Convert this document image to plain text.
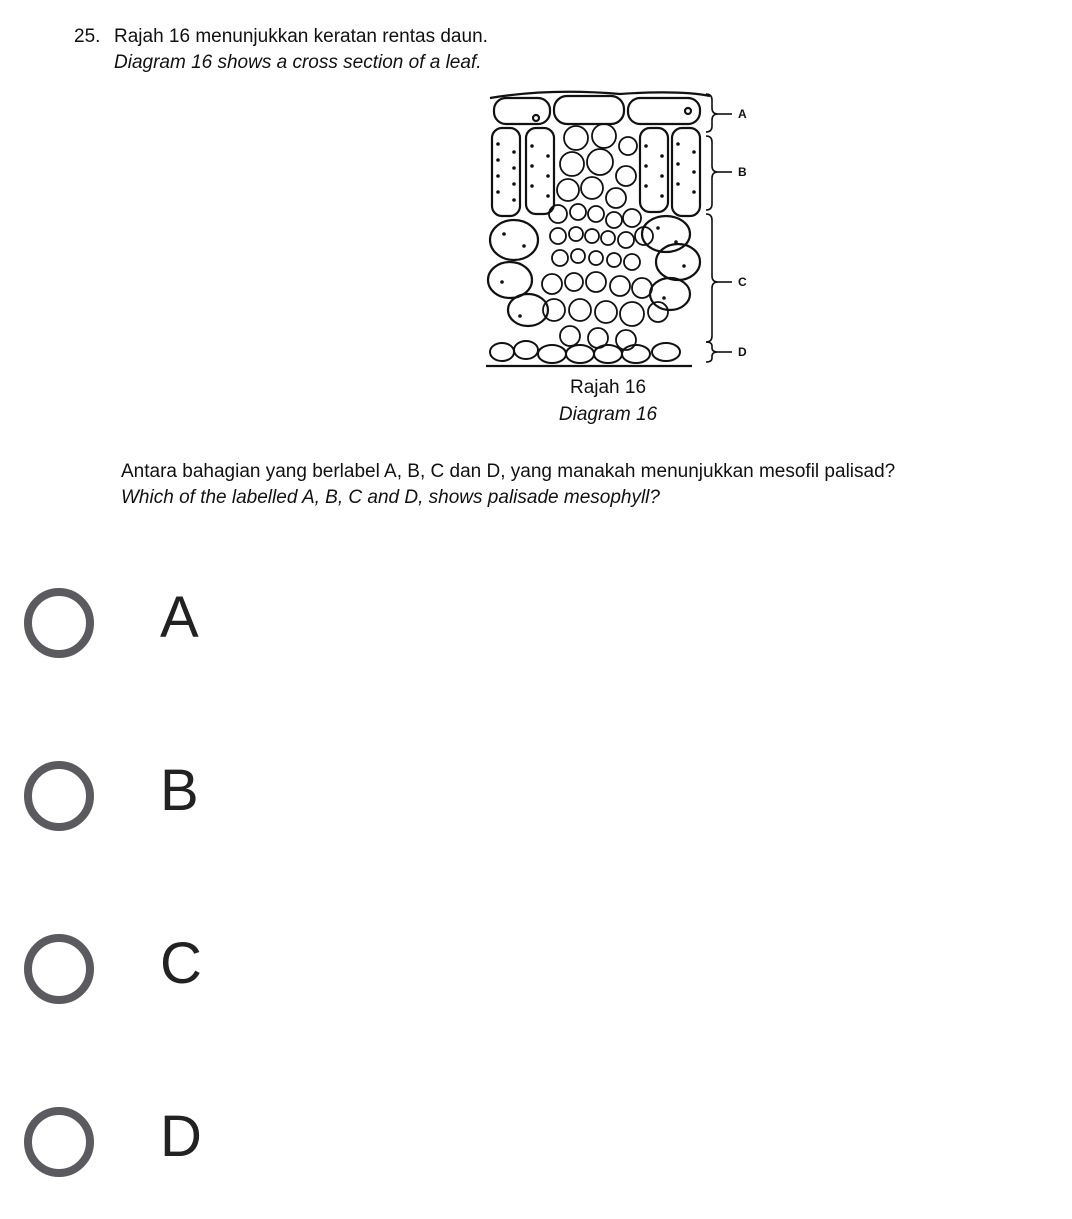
25. Rajah 16 menunjukkan keratan rentas daun.
Diagram 16 shows a cross section of a leaf.
A
B
C
D
Rajah 16
Diagram 16
Antara bahagian yang berlabel A, B, C dan D, yang manakah menunjukkan mesofil palisad?
Which of the labelled A, B, C and D, shows palisade mesophyll?
A
B
C
D
